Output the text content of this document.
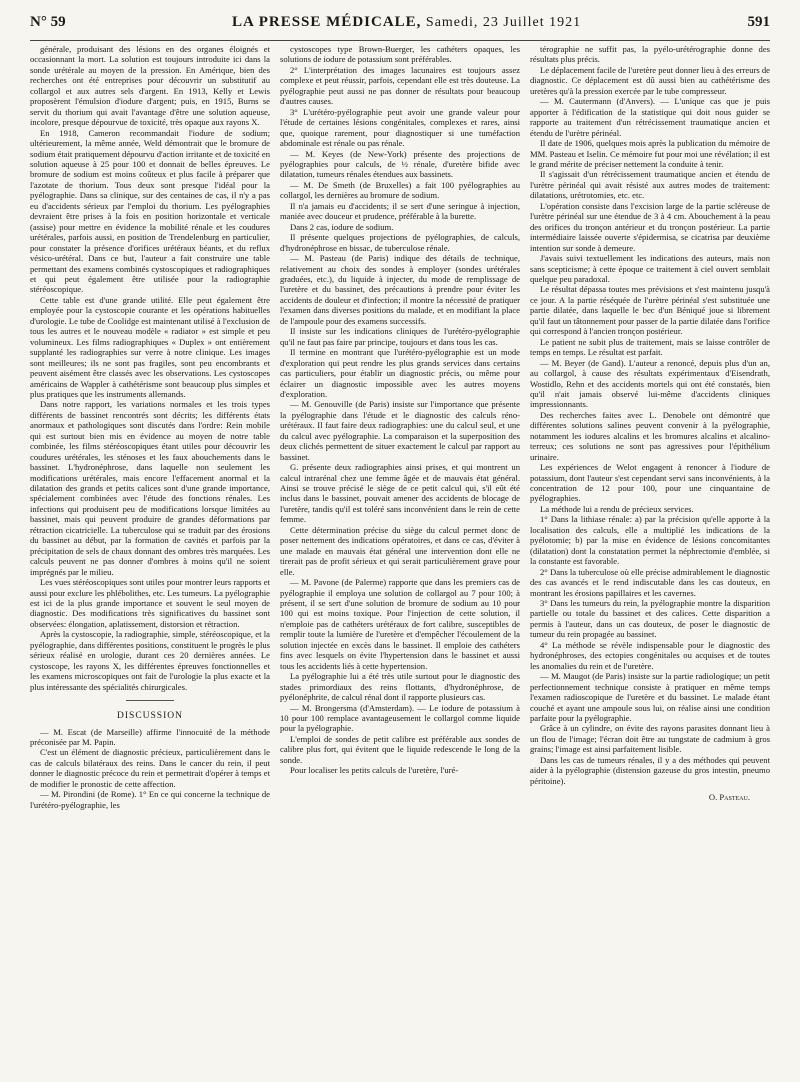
N° 59	LA PRESSE MÉDICALE, Samedi, 23 Juillet 1921	591

générale, produisant des lésions en des organes éloignés et occasionnant la mort. La solution est toujours introduite ici dans la sonde urétérale au moyen de la pression. En Amérique, bien des recherches ont été entreprises pour découvrir un substitutif au collargol et aux autres sels d'argent. En 1913, Kelly et Lewis proposèrent l'émulsion d'iodure d'argent; puis, en 1915, Burns se servit du thorium qui avait l'avantage d'être une solution aqueuse, incolore, presque dépourvue de toxicité, très opaque aux rayons X.

En 1918, Cameron recommandait l'iodure de sodium; ultérieurement, la même année, Weld démontrait que le bromure de sodium était pratiquement dépourvu d'action irritante et de toxicité en solution aqueuse à 25 pour 100 et donnait de belles épreuves. Le bromure de sodium est moins coûteux et plus facile à préparer que l'azotate de thorium. Tous deux sont presque l'idéal pour la pyélographie. Dans sa clinique, sur des centaines de cas, il n'y a pas eu d'accidents sérieux par l'emploi du thorium. Les pyélographies devraient être prises à la fois en position horizontale et verticale (assise) pour mettre en évidence la mobilité rénale et les coudures urétérales, parfois aussi, en position de Trendelenburg en particulier, pour constater la présence d'orifices urétéraux béants, et du reflux vésico-urétéral. Dans ce but, l'auteur a fait construire une table permettant des examens combinés cystoscopiques et radiographiques et qui peut également être utilisée pour la radiographie stéréoscopique.

Cette table est d'une grande utilité. Elle peut également être employée pour la cystoscopie courante et les opérations habituelles d'urologie. Le tube de Coolidge est maintenant utilisé à l'exclusion de tous les autres et le nouveau modèle « radiator » est simple et peu volumineux. Les films radiographiques « Duplex » ont entièrement supplanté les radiographies sur verre à notre clinique. Les images sont meilleures; ils ne sont pas fragiles, sont peu encombrants et peuvent aisément être classés avec les observations. Les cystoscopes américains de Wappler à cathétérisme sont beaucoup plus simples et plus pratiques que les instruments allemands.

Dans notre rapport, les variations normales et les trois types différents de bassinet rencontrés sont décrits; les différents états anormaux et pathologiques sont discutés dans l'ordre: Rein mobile qui est surtout bien mis en évidence au moyen de notre table combinée, les films stéréoscopiques étant utiles pour découvrir les coudures urétérales, les sténoses et les faux abouchements dans le bassinet. L'hydronéphrose, dans laquelle non seulement les modifications urétérales, mais encore l'effacement anormal et la dilatation des grands et petits calices sont d'une grande importance, spécialement combinées avec l'étude des fonctions rénales. Les infections qui produisent peu de modifications lorsque limitées au bassinet, mais qui peuvent produire de grandes déformations par rétraction cicatricielle. La tuberculose qui se traduit par des érosions du bassinet au début, par la formation de cavités et parfois par la précipitation de sels de chaux donnant des ombres très marquées. Les calculs peuvent ne pas donner d'ombres à moins qu'il ne soient imprégnés par le milieu.

Les vues stéréoscopiques sont utiles pour montrer leurs rapports et aussi pour exclure les phlébolithes, etc. Les tumeurs. La pyélographie est ici de la plus grande importance et souvent le seul moyen de diagnostic. Des modifications très significatives du bassinet sont observées: élongation, aplatissement, distorsion et rétraction.

Après la cystoscopie, la radiographie, simple, stéréoscopique, et la pyélographie, dans différentes positions, constituent le progrès le plus sérieux réalisé en urologie, durant ces 20 dernières années. Le cystoscope, les rayons X, les différentes épreuves fonctionnelles et les examens microscopiques ont fait de l'urologie la plus exacte et la plus intéressante des spécialités chirurgicales.

DISCUSSION

— M. Escat (de Marseille) affirme l'innocuité de la méthode préconisée par M. Papin.

C'est un élément de diagnostic précieux, particulièrement dans le cas de calculs bilatéraux des reins. Dans le cancer du rein, il peut donner le diagnostic précoce du rein et permettrait d'opérer à temps et de modifier le pronostic de cette affection.

— M. Pirondini (de Rome). 1° En ce qui concerne la technique de l'urétéro-pyélographie, les

cystoscopes type Brown-Buerger, les cathéters opaques, les solutions de iodure de potassium sont préférables.

2° L'interprétation des images lacunaires est toujours assez complexe et peut réussir, parfois, cependant elle est très douteuse. La pyélographie peut aussi ne pas donner de résultats pour beaucoup d'autres causes.

3° L'urétéro-pyélographie peut avoir une grande valeur pour l'étude de certaines lésions congénitales, complexes et rares, ainsi que, quoique rarement, pour diagnostiquer si une tuméfaction abdominale est rénale ou pas rénale.

— M. Keyes (de New-York) présente des projections de pyélographies pour calculs, de ½ rénale, d'uretère bifide avec dilatation, tumeurs rénales étendues aux bassinets.

— M. De Smeth (de Bruxelles) a fait 100 pyélographies au collargol, les dernières au bromure de sodium.

Il n'a jamais eu d'accidents; il se sert d'une seringue à injection, maniée avec douceur et prudence, préférable à la burette.

Dans 2 cas, iodure de sodium.

Il présente quelques projections de pyélographies, de calculs, d'hydronéphrose en bissac, de tuberculose rénale.

— M. Pasteau (de Paris) indique des détails de technique, relativement au choix des sondes à employer (sondes urétérales graduées, etc.), du liquide à injecter, du mode de remplissage de l'uretère et du bassinet, des précautions à prendre pour éviter les accidents de douleur et d'infection; il montre la nécessité de pratiquer l'examen dans diverses positions du malade, et en modifiant la place de l'ampoule pour des examens successifs.

Il insiste sur les indications cliniques de l'urétéro-pyélographie qu'il ne faut pas faire par principe, toujours et dans tous les cas.

Il termine en montrant que l'urétéro-pyélographie est un mode d'exploration qui peut rendre les plus grands services dans certains cas particuliers, pour établir un diagnostic précis, ou même pour éclairer un diagnostic impossible avec les autres moyens d'exploration.

— M. Genouville (de Paris) insiste sur l'importance que présente la pyélographie dans l'étude et le diagnostic des calculs réno-urétéraux. Il faut faire deux radiographies: une du calcul seul, et une du calcul avec pyélographie. La comparaison et la superposition des deux clichés permettent de situer exactement le calcul par rapport au bassinet.

G. présente deux radiographies ainsi prises, et qui montrent un calcul intrarénal chez une femme âgée et de mauvais état général. Ainsi se trouve précisé le siège de ce petit calcul qui, s'il eût été inclus dans le bassinet, pouvait amener des accidents de blocage de l'uretère, tandis qu'il est toléré sans inconvénient dans le rein de cette femme.

Cette détermination précise du siège du calcul permet donc de poser nettement des indications opératoires, et dans ce cas, d'éviter à une malade en mauvais état général une intervention dont elle ne tirerait pas de profit sérieux et qui serait particulièrement grave pour elle.

— M. Pavone (de Palerme) rapporte que dans les premiers cas de pyélographie il employa une solution de collargol au 7 pour 100; à présent, il se sert d'une solution de bromure de sodium au 10 pour 100 qui est moins toxique. Pour l'injection de cette solution, il n'emploie pas de cathéters urétéraux de fort calibre, susceptibles de remplir toute la lumière de l'uretère et d'empêcher l'écoulement de la solution injectée en excès dans le bassinet. Il emploie des cathéters fins avec lesquels on évite l'hypertension dans le bassinet et aussi tous les accidents liés à cette hypertension.

La pyélographie lui a été très utile surtout pour le diagnostic des stades primordiaux des reins flottants, d'hydronéphrose, de pyélonéphrite, de calcul rénal dont il rapporte plusieurs cas.

— M. Brongersma (d'Amsterdam). — Le iodure de potassium à 10 pour 100 remplace avantageusement le collargol comme liquide pour la pyélographie.

L'emploi de sondes de petit calibre est préférable aux sondes de calibre plus fort, qui évitent que le liquide redescende le long de la sonde.

Pour localiser les petits calculs de l'uretère, l'uré-

térographie ne suffit pas, la pyélo-urétérographie donne des résultats plus précis.

Le déplacement facile de l'uretère peut donner lieu à des erreurs de diagnostic. Ce déplacement est dû aussi bien au cathétérisme des uretères qu'à la pression exercée par le tube compresseur.

— M. Cautermann (d'Anvers). — L'unique cas que je puis apporter à l'édification de la statistique qui doit nous guider se rapporte au traitement d'un rétrécissement traumatique ancien et étendu de l'urètre périnéal.

Il date de 1906, quelques mois après la publication du mémoire de MM. Pasteau et Iselin. Ce mémoire fut pour moi une révélation; il est le grand mérite de préciser nettement la conduite à tenir.

Il s'agissait d'un rétrécissement traumatique ancien et étendu de l'urètre périnéal qui avait résisté aux autres modes de traitement: dilatations, urétrotomies, etc. etc.

L'opération consiste dans l'excision large de la partie scléreuse de l'urètre périnéal sur une étendue de 3 à 4 cm. Abouchement à la peau des orifices du tronçon antérieur et du tronçon postérieur. La partie intermédiaire laissée ouverte s'épidermisa, se cicatrisa par deuxième intention sur sonde à demeure.

J'avais suivi textuellement les indications des auteurs, mais non sans scepticisme; à cette époque ce traitement à ciel ouvert semblait quelque peu paradoxal.

Le résultat dépassa toutes mes prévisions et s'est maintenu jusqu'à ce jour. A la partie réséquée de l'urètre périnéal s'est substituée une partie dilatée, dans laquelle le bec d'un Béniqué joue si librement qu'il faut un tâtonnement pour passer de la partie dilatée dans l'orifice qui correspond à l'ancien tronçon postérieur.

Le patient ne subit plus de traitement, mais se laisse contrôler de temps en temps. Le résultat est parfait.

— M. Beyer (de Gand). L'auteur a renoncé, depuis plus d'un an, au collargol, à cause des résultats expérimentaux d'Eisendrath, Wostidlo, Rehn et des accidents mortels qui ont été constatés, bien qu'il n'ait jamais observé lui-même d'accidents cliniques impressionnants.

Des recherches faites avec L. Denobele ont démontré que différentes solutions salines peuvent convenir à la pyélographie, notamment les iodures alcalins et les bromures alcalins et alcalino-terreux; ces solutions ne sont pas agressives pour l'épithélium urinaire.

Les expériences de Welot engagent à renoncer à l'iodure de potassium, dont l'auteur s'est cependant servi sans inconvénients, à la concentration de 12 pour 100, pour une cinquantaine de pyélographies.

La méthode lui a rendu de précieux services.

1° Dans la lithiase rénale: a) par la précision qu'elle apporte à la localisation des calculs, elle a multiplié les indications de la pyélotomie; b) par la mise en évidence de lésions concomitantes (dilatation) dont la constatation permet la néphrectomie d'emblée, si la constante est favorable.

2° Dans la tuberculose où elle précise admirablement le diagnostic des cas avancés et le rend indiscutable dans les cas douteux, en montrant les érosions papillaires et les cavernes.

3° Dans les tumeurs du rein, la pyélographie montre la disparition partielle ou totale du bassinet et des calices. Cette disparition a permis à l'auteur, dans un cas douteux, de poser le diagnostic de tumeur du rein propagée au bassinet.

4° La méthode se révèle indispensable pour le diagnostic des hydronéphroses, des ectopies congénitales ou acquises et de toutes les anomalies du rein et de l'uretère.

— M. Maugot (de Paris) insiste sur la partie radiologique; un petit perfectionnement technique consiste à pratiquer en même temps l'examen radioscopique de l'uretère et du bassinet. Le malade étant couché et ayant une ampoule sous lui, on réalise ainsi une condition parfaite pour la pyélographie.

Grâce à un cylindre, on évite des rayons parasites donnant lieu à un flou de l'image; l'écran doit être au tungstate de cadmium à gros grains; l'image est ainsi parfaitement lisible.

Dans les cas de tumeurs rénales, il y a des méthodes qui peuvent aider à la pyélographie (distension gazeuse du gros intestin, pneumo péritoine).

O. Pasteau.
